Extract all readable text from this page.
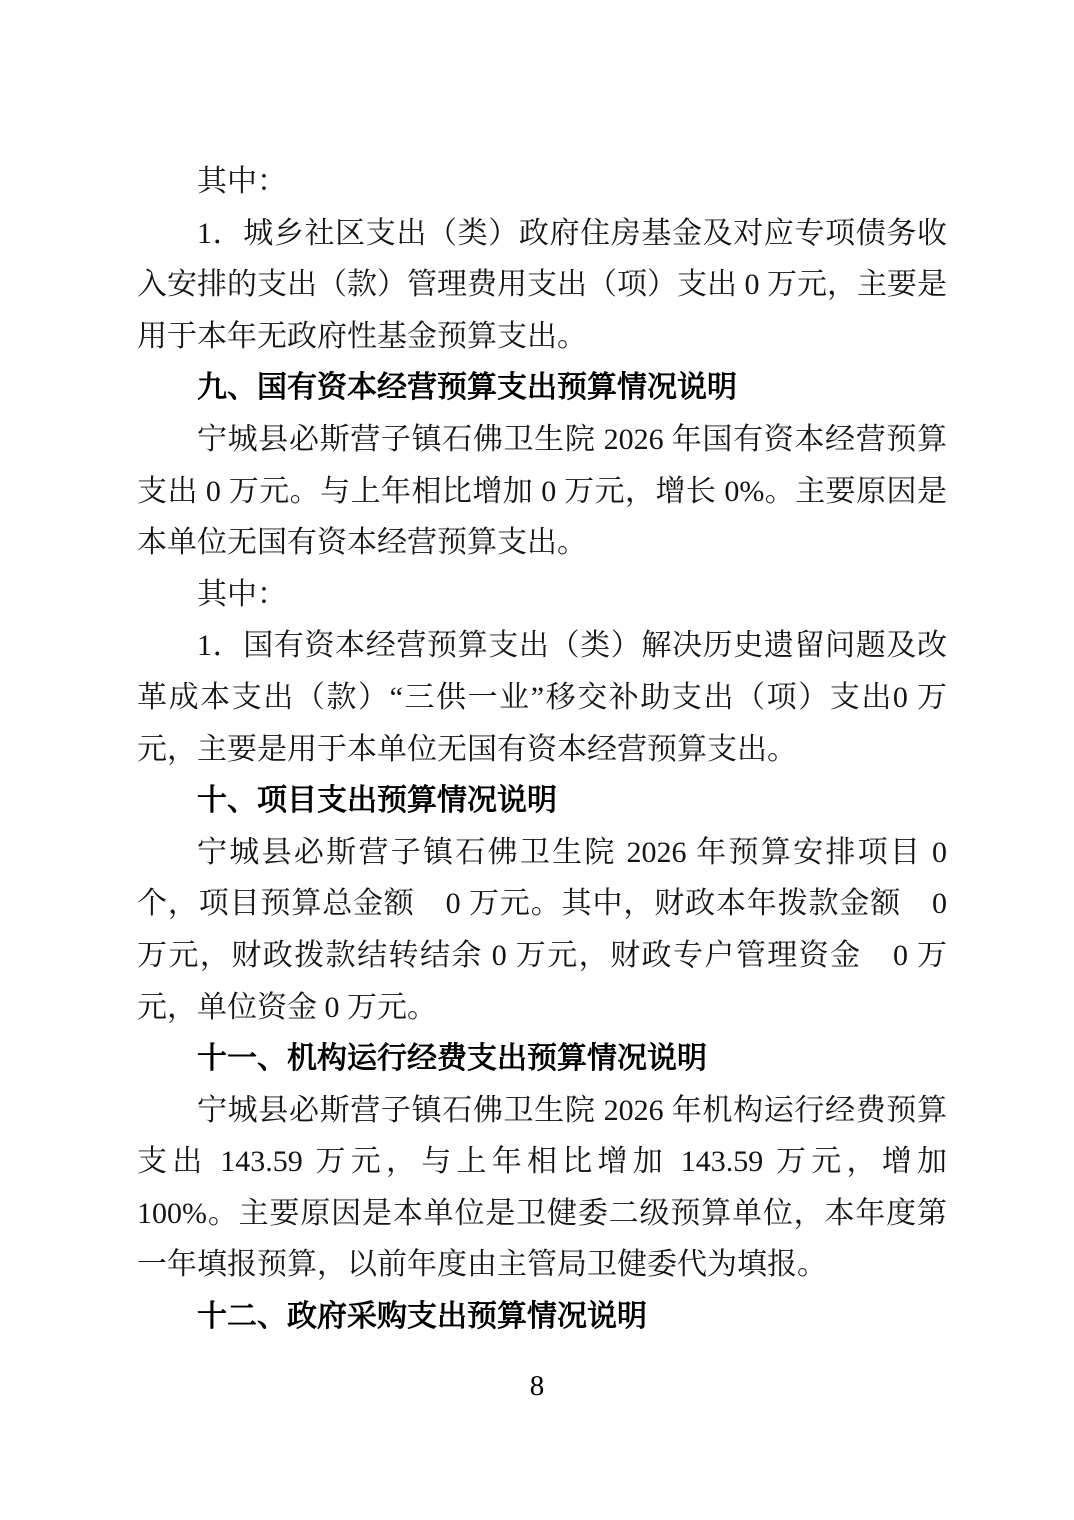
其中：

1．城乡社区支出（类）政府住房基金及对应专项债务收入安排的支出（款）管理费用支出（项）支出 0 万元，主要是用于本年无政府性基金预算支出。

九、国有资本经营预算支出预算情况说明

宁城县必斯营子镇石佛卫生院 2026 年国有资本经营预算支出 0 万元。与上年相比增加 0 万元，增长 0%。主要原因是本单位无国有资本经营预算支出。

其中：

1．国有资本经营预算支出（类）解决历史遗留问题及改革成本支出（款）“三供一业”移交补助支出（项）支出0 万元，主要是用于本单位无国有资本经营预算支出。

十、项目支出预算情况说明

宁城县必斯营子镇石佛卫生院 2026 年预算安排项目 0 个，项目预算总金额　0 万元。其中，财政本年拨款金额　0 万元，财政拨款结转结余 0 万元，财政专户管理资金　0 万元，单位资金 0 万元。

十一、机构运行经费支出预算情况说明

宁城县必斯营子镇石佛卫生院 2026 年机构运行经费预算支出 143.59 万元，与上年相比增加 143.59 万元，增加 100%。主要原因是本单位是卫健委二级预算单位，本年度第一年填报预算，以前年度由主管局卫健委代为填报。

十二、政府采购支出预算情况说明

8
